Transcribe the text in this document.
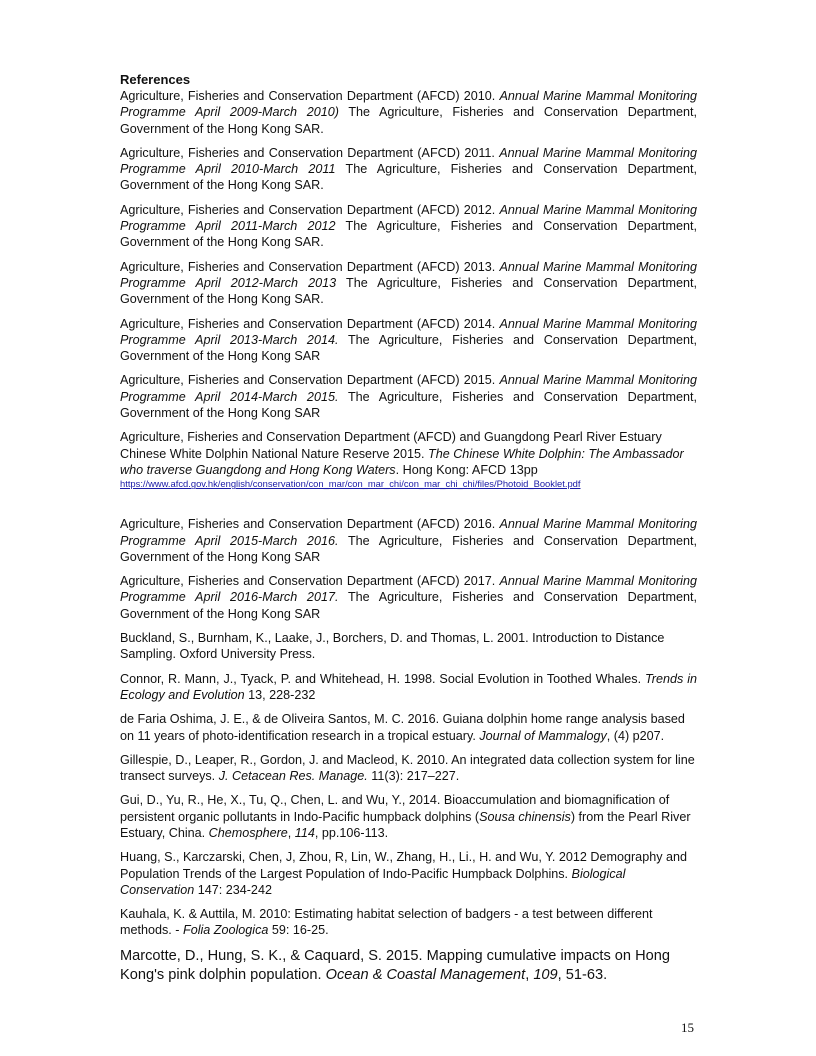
References

Agriculture, Fisheries and Conservation Department (AFCD) 2010. Annual Marine Mammal Monitoring Programme April 2009-March 2010) The Agriculture, Fisheries and Conservation Department, Government of the Hong Kong SAR.

Agriculture, Fisheries and Conservation Department (AFCD) 2011. Annual Marine Mammal Monitoring Programme April 2010-March 2011 The Agriculture, Fisheries and Conservation Department, Government of the Hong Kong SAR.

Agriculture, Fisheries and Conservation Department (AFCD) 2012. Annual Marine Mammal Monitoring Programme April 2011-March 2012 The Agriculture, Fisheries and Conservation Department, Government of the Hong Kong SAR.

Agriculture, Fisheries and Conservation Department (AFCD) 2013. Annual Marine Mammal Monitoring Programme April 2012-March 2013 The Agriculture, Fisheries and Conservation Department, Government of the Hong Kong SAR.

Agriculture, Fisheries and Conservation Department (AFCD) 2014. Annual Marine Mammal Monitoring Programme April 2013-March 2014. The Agriculture, Fisheries and Conservation Department, Government of the Hong Kong SAR

Agriculture, Fisheries and Conservation Department (AFCD) 2015. Annual Marine Mammal Monitoring Programme April 2014-March 2015. The Agriculture, Fisheries and Conservation Department, Government of the Hong Kong SAR

Agriculture, Fisheries and Conservation Department (AFCD) and Guangdong Pearl River Estuary Chinese White Dolphin National Nature Reserve 2015. The Chinese White Dolphin: The Ambassador who traverse Guangdong and Hong Kong Waters. Hong Kong: AFCD 13pp
https://www.afcd.gov.hk/english/conservation/con_mar/con_mar_chi/con_mar_chi_chi/files/Photoid_Booklet.pdf

Agriculture, Fisheries and Conservation Department (AFCD) 2016. Annual Marine Mammal Monitoring Programme April 2015-March 2016. The Agriculture, Fisheries and Conservation Department, Government of the Hong Kong SAR

Agriculture, Fisheries and Conservation Department (AFCD) 2017. Annual Marine Mammal Monitoring Programme April 2016-March 2017. The Agriculture, Fisheries and Conservation Department, Government of the Hong Kong SAR

Buckland, S., Burnham, K., Laake, J., Borchers, D. and Thomas, L. 2001. Introduction to Distance Sampling. Oxford University Press.

Connor, R. Mann, J., Tyack, P. and Whitehead, H. 1998. Social Evolution in Toothed Whales. Trends in Ecology and Evolution 13, 228-232

de Faria Oshima, J. E., & de Oliveira Santos, M. C. 2016. Guiana dolphin home range analysis based on 11 years of photo-identification research in a tropical estuary. Journal of Mammalogy, (4) p207.

Gillespie, D., Leaper, R., Gordon, J. and Macleod, K. 2010. An integrated data collection system for line transect surveys. J. Cetacean Res. Manage. 11(3): 217–227.

Gui, D., Yu, R., He, X., Tu, Q., Chen, L. and Wu, Y., 2014. Bioaccumulation and biomagnification of persistent organic pollutants in Indo-Pacific humpback dolphins (Sousa chinensis) from the Pearl River Estuary, China. Chemosphere, 114, pp.106-113.

Huang, S., Karczarski, Chen, J, Zhou, R, Lin, W., Zhang, H., Li., H. and Wu, Y. 2012 Demography and Population Trends of the Largest Population of Indo-Pacific Humpback Dolphins. Biological Conservation 147: 234-242

Kauhala, K. & Auttila, M. 2010: Estimating habitat selection of badgers - a test between different methods. - Folia Zoologica 59: 16-25.

Marcotte, D., Hung, S. K., & Caquard, S. 2015. Mapping cumulative impacts on Hong Kong's pink dolphin population. Ocean & Coastal Management, 109, 51-63.

15
